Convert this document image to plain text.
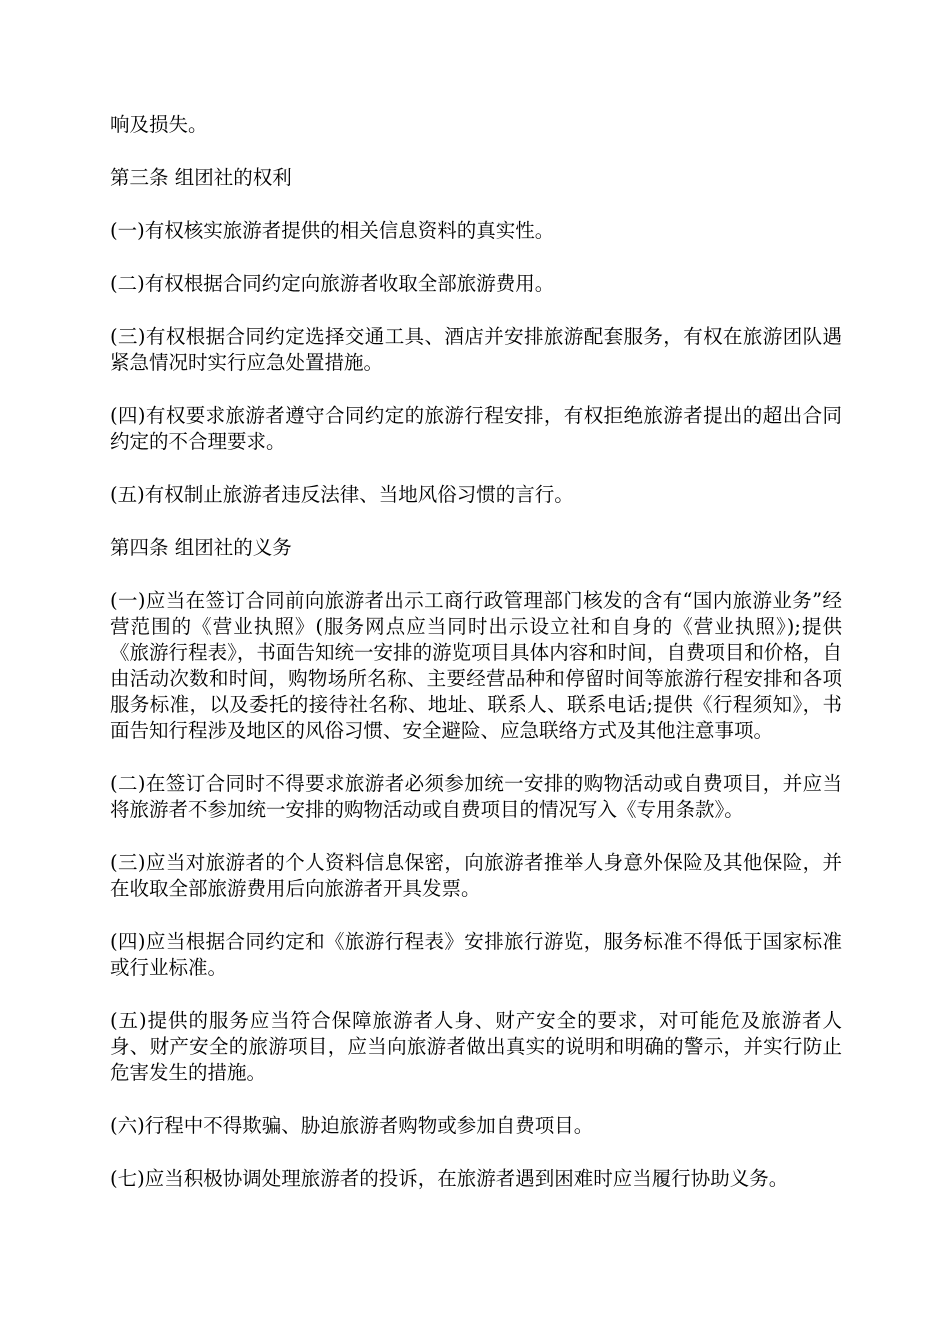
响及损失。

第三条 组团社的权利

(一)有权核实旅游者提供的相关信息资料的真实性。

(二)有权根据合同约定向旅游者收取全部旅游费用。

(三)有权根据合同约定选择交通工具、酒店并安排旅游配套服务，有权在旅游团队遇紧急情况时实行应急处置措施。

(四)有权要求旅游者遵守合同约定的旅游行程安排，有权拒绝旅游者提出的超出合同约定的不合理要求。

(五)有权制止旅游者违反法律、当地风俗习惯的言行。

第四条 组团社的义务

(一)应当在签订合同前向旅游者出示工商行政管理部门核发的含有“国内旅游业务”经营范围的《营业执照》(服务网点应当同时出示设立社和自身的《营业执照》);提供《旅游行程表》，书面告知统一安排的游览项目具体内容和时间，自费项目和价格，自由活动次数和时间，购物场所名称、主要经营品种和停留时间等旅游行程安排和各项服务标准，以及委托的接待社名称、地址、联系人、联系电话;提供《行程须知》，书面告知行程涉及地区的风俗习惯、安全避险、应急联络方式及其他注意事项。

(二)在签订合同时不得要求旅游者必须参加统一安排的购物活动或自费项目，并应当将旅游者不参加统一安排的购物活动或自费项目的情况写入《专用条款》。

(三)应当对旅游者的个人资料信息保密，向旅游者推举人身意外保险及其他保险，并在收取全部旅游费用后向旅游者开具发票。

(四)应当根据合同约定和《旅游行程表》安排旅行游览，服务标准不得低于国家标准或行业标准。

(五)提供的服务应当符合保障旅游者人身、财产安全的要求，对可能危及旅游者人身、财产安全的旅游项目，应当向旅游者做出真实的说明和明确的警示，并实行防止危害发生的措施。

(六)行程中不得欺骗、胁迫旅游者购物或参加自费项目。

(七)应当积极协调处理旅游者的投诉，在旅游者遇到困难时应当履行协助义务。
